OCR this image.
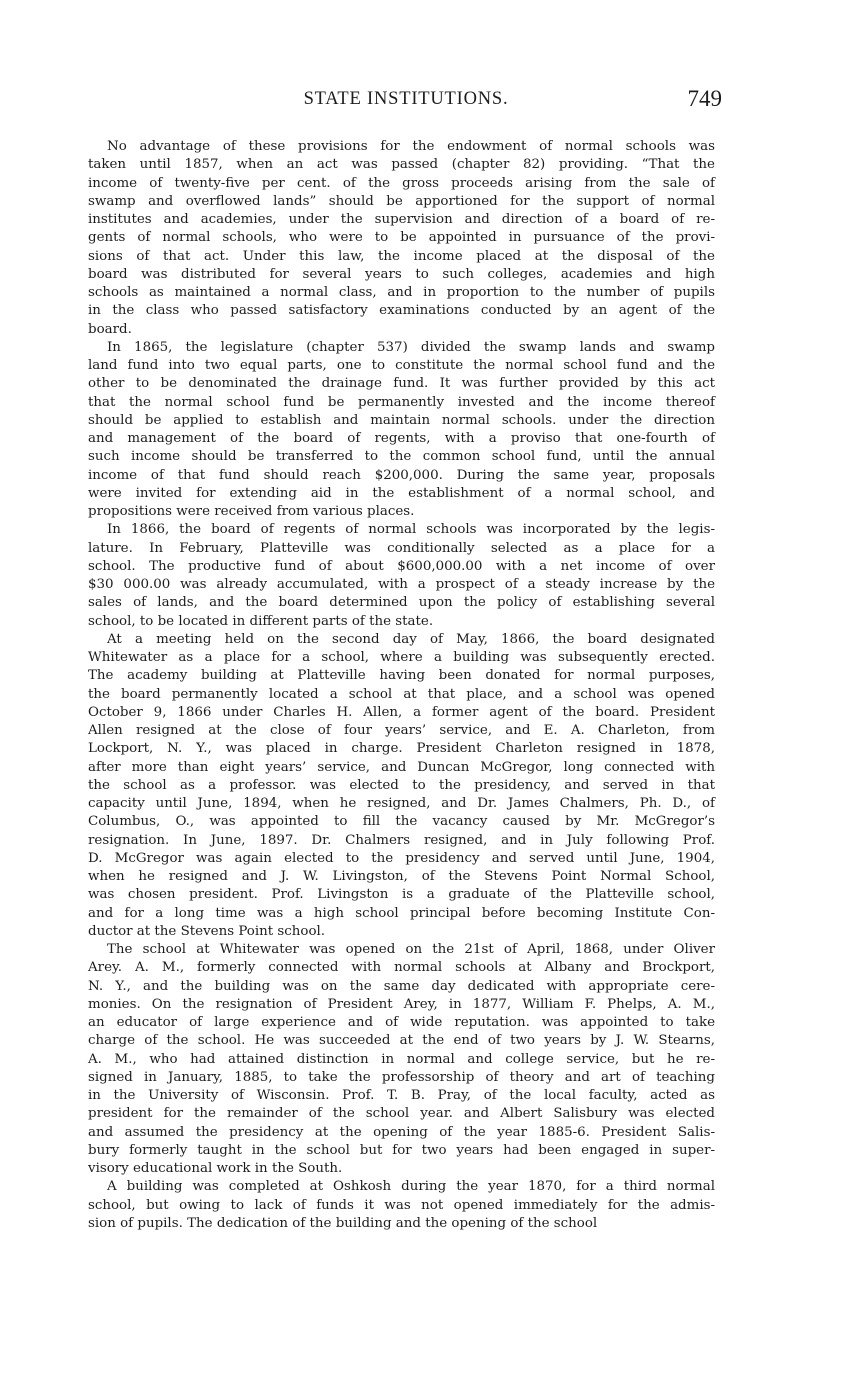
STATE INSTITUTIONS.	749
No advantage of these provisions for the endowment of normal schools was
taken until 1857, when an act was passed (chapter 82) providing. “That the
income of twenty-five per cent. of the gross proceeds arising from the sale of
swamp and overflowed lands” should be apportioned for the support of normal
institutes and academies, under the supervision and direction of a board of re-
gents of normal schools, who were to be appointed in pursuance of the provi-
sions of that act. Under this law, the income placed at the disposal of the
board was distributed for several years to such colleges, academies and high
schools as maintained a normal class, and in proportion to the number of pupils
in the class who passed satisfactory examinations conducted by an agent of the
board.
In 1865, the legislature (chapter 537) divided the swamp lands and swamp
land fund into two equal parts, one to constitute the normal school fund and the
other to be denominated the drainage fund. It was further provided by this act
that the normal school fund be permanently invested and the income thereof
should be applied to establish and maintain normal schools. under the direction
and management of the board of regents, with a proviso that one-fourth of
such income should be transferred to the common school fund, until the annual
income of that fund should reach $200,000. During the same year, proposals
were invited for extending aid in the establishment of a normal school, and
propositions were received from various places.
In 1866, the board of regents of normal schools was incorporated by the legis-
lature. In February, Platteville was conditionally selected as a place for a
school. The productive fund of about $600,000.00 with a net income of over
$30 000.00 was already accumulated, with a prospect of a steady increase by the
sales of lands, and the board determined upon the policy of establishing several
school, to be located in different parts of the state.
At a meeting held on the second day of May, 1866, the board designated
Whitewater as a place for a school, where a building was subsequently erected.
The academy building at Platteville having been donated for normal purposes,
the board permanently located a school at that place, and a school was opened
October 9, 1866 under Charles H. Allen, a former agent of the board. President
Allen resigned at the close of four years’ service, and E. A. Charleton, from
Lockport, N. Y., was placed in charge. President Charleton resigned in 1878,
after more than eight years’ service, and Duncan McGregor, long connected with
the school as a professor. was elected to the presidency, and served in that
capacity until June, 1894, when he resigned, and Dr. James Chalmers, Ph. D., of
Columbus, O., was appointed to fill the vacancy caused by Mr. McGregor’s
resignation. In June, 1897. Dr. Chalmers resigned, and in July following Prof.
D. McGregor was again elected to the presidency and served until June, 1904,
when he resigned and J. W. Livingston, of the Stevens Point Normal School,
was chosen president. Prof. Livingston is a graduate of the Platteville school,
and for a long time was a high school principal before becoming Institute Con-
ductor at the Stevens Point school.
The school at Whitewater was opened on the 21st of April, 1868, under Oliver
Arey. A. M., formerly connected with normal schools at Albany and Brockport,
N. Y., and the building was on the same day dedicated with appropriate cere-
monies. On the resignation of President Arey, in 1877, William F. Phelps, A. M.,
an educator of large experience and of wide reputation. was appointed to take
charge of the school. He was succeeded at the end of two years by J. W. Stearns,
A. M., who had attained distinction in normal and college service, but he re-
signed in January, 1885, to take the professorship of theory and art of teaching
in the University of Wisconsin. Prof. T. B. Pray, of the local faculty, acted as
president for the remainder of the school year. and Albert Salisbury was elected
and assumed the presidency at the opening of the year 1885-6. President Salis-
bury formerly taught in the school but for two years had been engaged in super-
visory educational work in the South.
A building was completed at Oshkosh during the year 1870, for a third normal
school, but owing to lack of funds it was not opened immediately for the admis-
sion of pupils. The dedication of the building and the opening of the school
